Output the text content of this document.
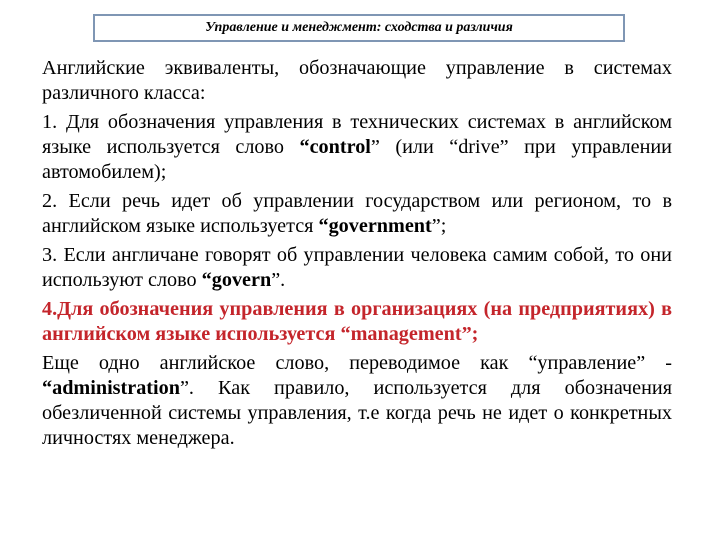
Управление и менеджмент: сходства и различия

Английские эквиваленты, обозначающие управление в системах различного класса:

1. Для обозначения управления в технических системах в английском языке используется слово “control” (или “drive” при управлении автомобилем);

2. Если речь идет об управлении государством или регионом, то в английском языке используется “government”;

3. Если англичане говорят об управлении человека самим собой, то они используют слово “govern”.

4.Для обозначения управления в организациях (на предприятиях) в английском языке используется “management”;

Еще одно английское слово, переводимое как “управление” - “administration”. Как правило, используется для обозначения обезличенной системы управления, т.е когда речь не идет о конкретных личностях менеджера.
